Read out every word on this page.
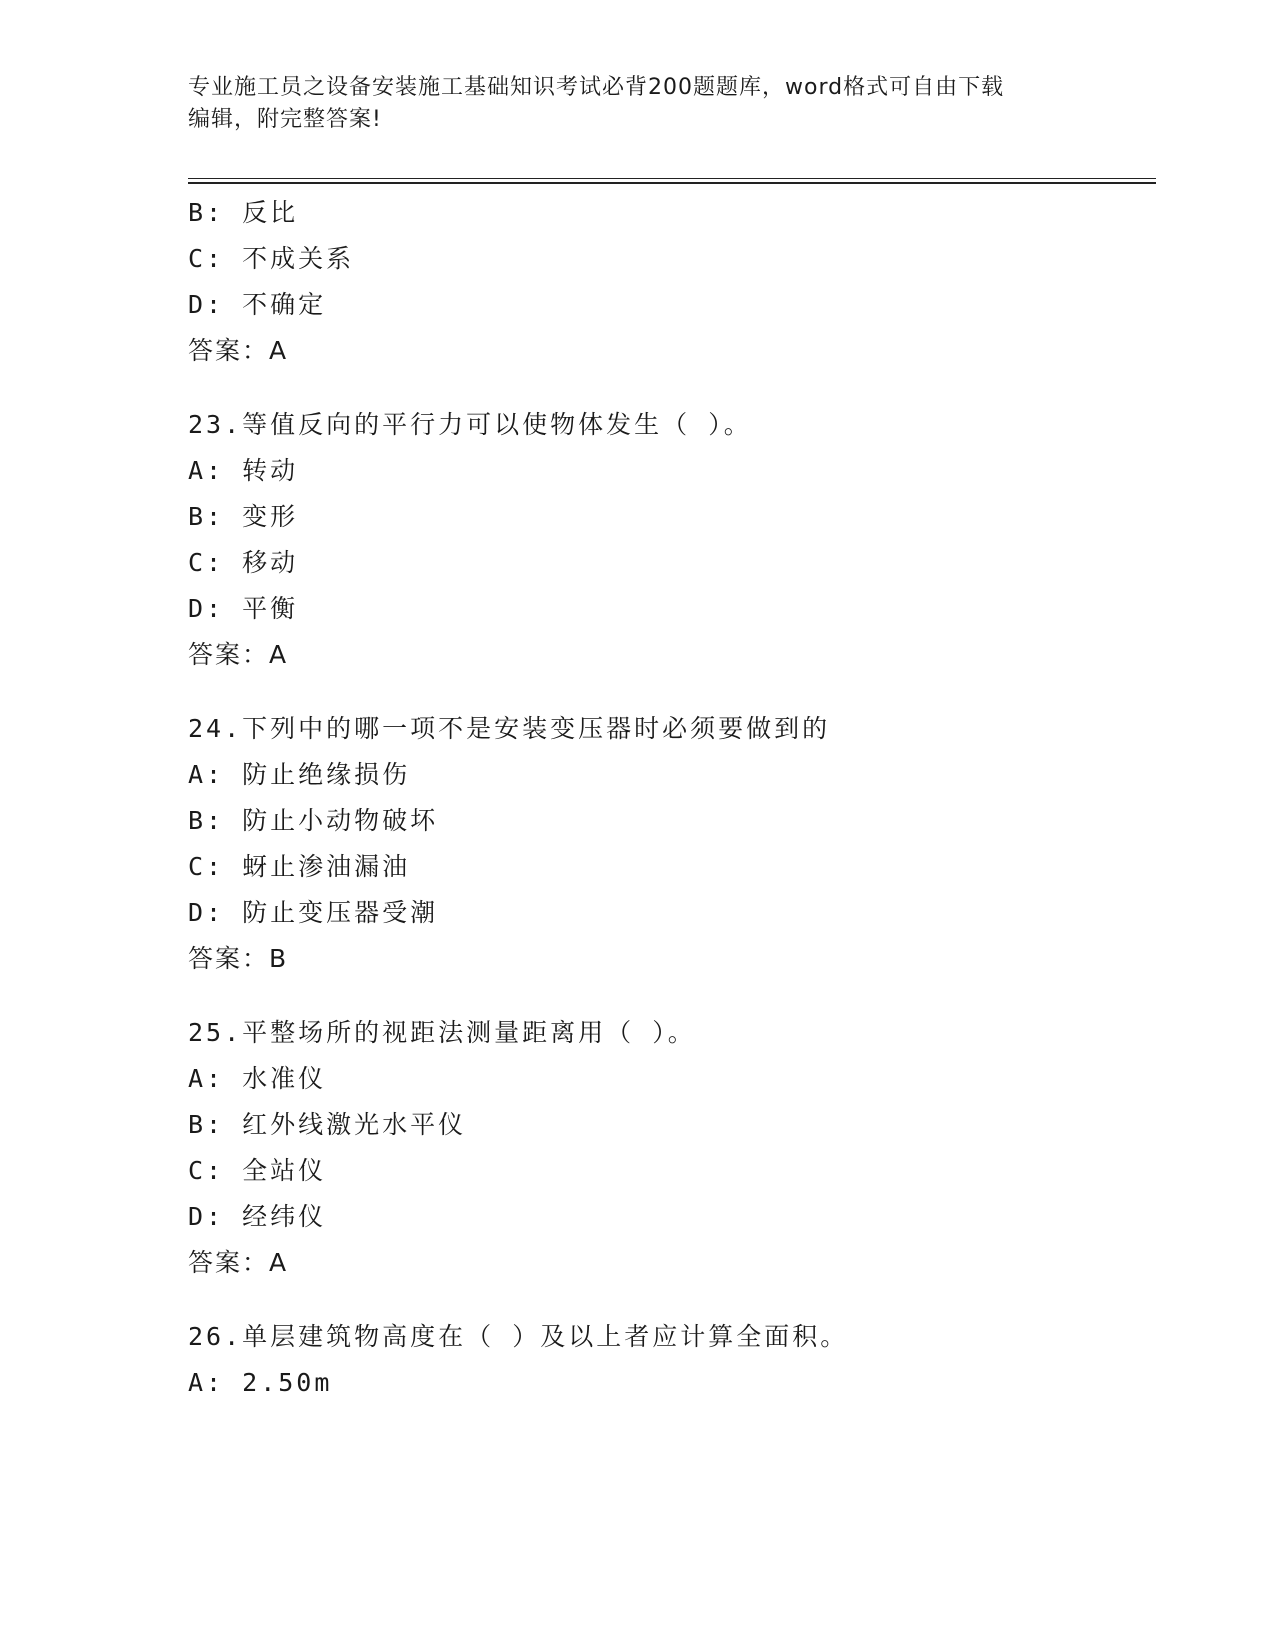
专业施工员之设备安装施工基础知识考试必背200题题库，word格式可自由下载
编辑，附完整答案!
B: 反比
C: 不成关系
D: 不确定
答案：A
23.等值反向的平行力可以使物体发生（ ）。
A: 转动
B: 变形
C: 移动
D: 平衡
答案：A
24.下列中的哪一项不是安装变压器时必须要做到的
A: 防止绝缘损伤
B: 防止小动物破坏
C: 蚜止渗油漏油
D: 防止变压器受潮
答案：B
25.平整场所的视距法测量距离用（ ）。
A: 水准仪
B: 红外线激光水平仪
C: 全站仪
D: 经纬仪
答案：A
26.单层建筑物高度在（ ）及以上者应计算全面积。
A: 2.50m
